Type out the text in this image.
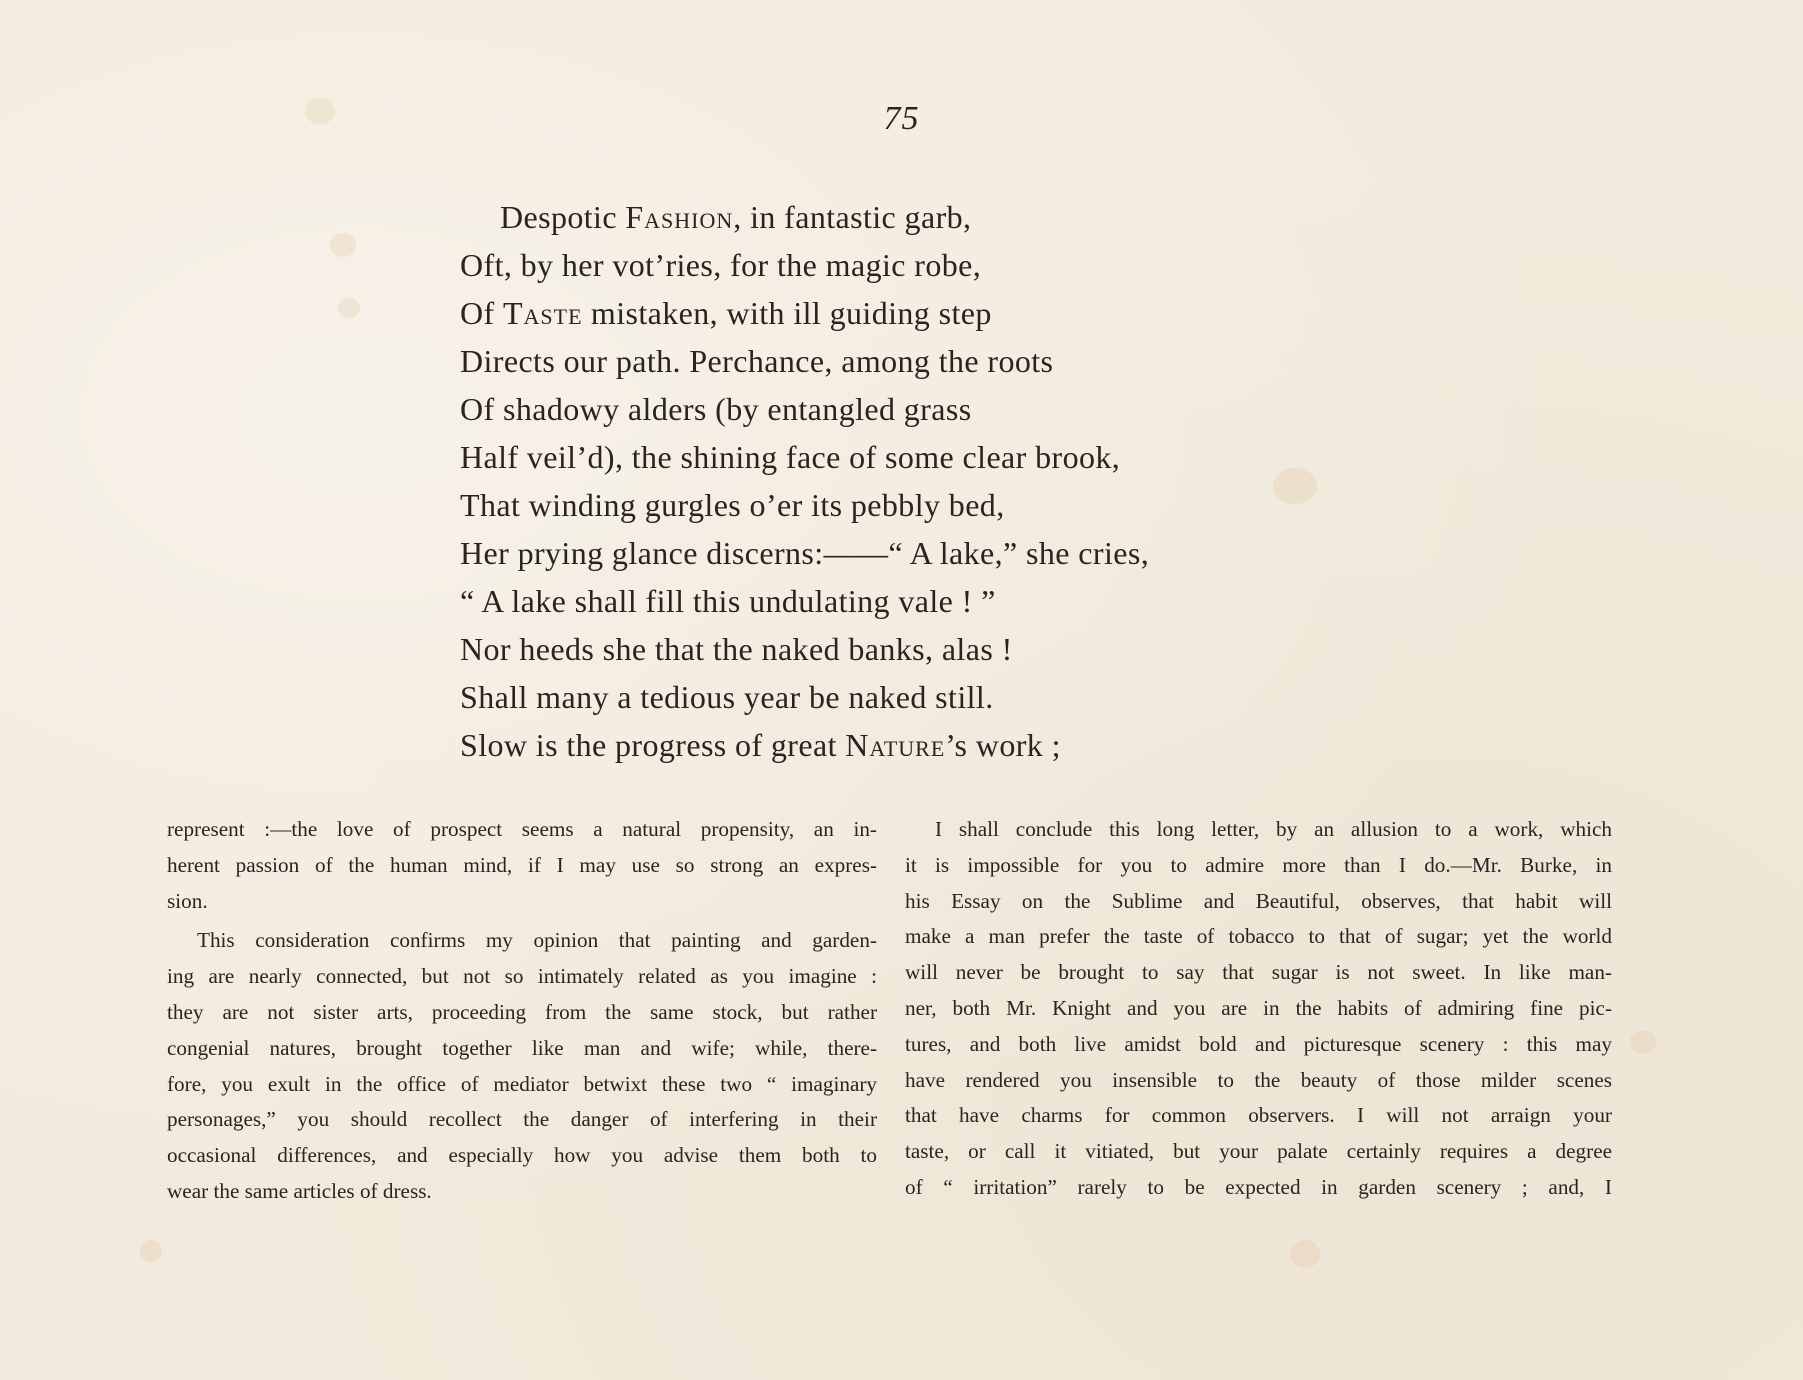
75
Despotic Fashion, in fantastic garb,
Oft, by her vot’ries, for the magic robe,
Of Taste mistaken, with ill guiding step
Directs our path. Perchance, among the roots
Of shadowy alders (by entangled grass
Half veil’d), the shining face of some clear brook,
That winding gurgles o’er its pebbly bed,
Her prying glance discerns:——“ A lake,” she cries,
“ A lake shall fill this undulating vale ! ”
Nor heeds she that the naked banks, alas !
Shall many a tedious year be naked still.
Slow is the progress of great Nature’s work ;

represent :—the love of prospect seems a natural propensity, an in-
herent passion of the human mind, if I may use so strong an expres-
sion.

This consideration confirms my opinion that painting and garden-
ing are nearly connected, but not so intimately related as you imagine :
they are not sister arts, proceeding from the same stock, but rather
congenial natures, brought together like man and wife; while, there-
fore, you exult in the office of mediator betwixt these two “ imaginary
personages,” you should recollect the danger of interfering in their
occasional differences, and especially how you advise them both to
wear the same articles of dress.

I shall conclude this long letter, by an allusion to a work, which
it is impossible for you to admire more than I do.—Mr. Burke, in
his Essay on the Sublime and Beautiful, observes, that habit will
make a man prefer the taste of tobacco to that of sugar; yet the world
will never be brought to say that sugar is not sweet. In like man-
ner, both Mr. Knight and you are in the habits of admiring fine pic-
tures, and both live amidst bold and picturesque scenery : this may
have rendered you insensible to the beauty of those milder scenes
that have charms for common observers. I will not arraign your
taste, or call it vitiated, but your palate certainly requires a degree
of “ irritation” rarely to be expected in garden scenery ; and, I
